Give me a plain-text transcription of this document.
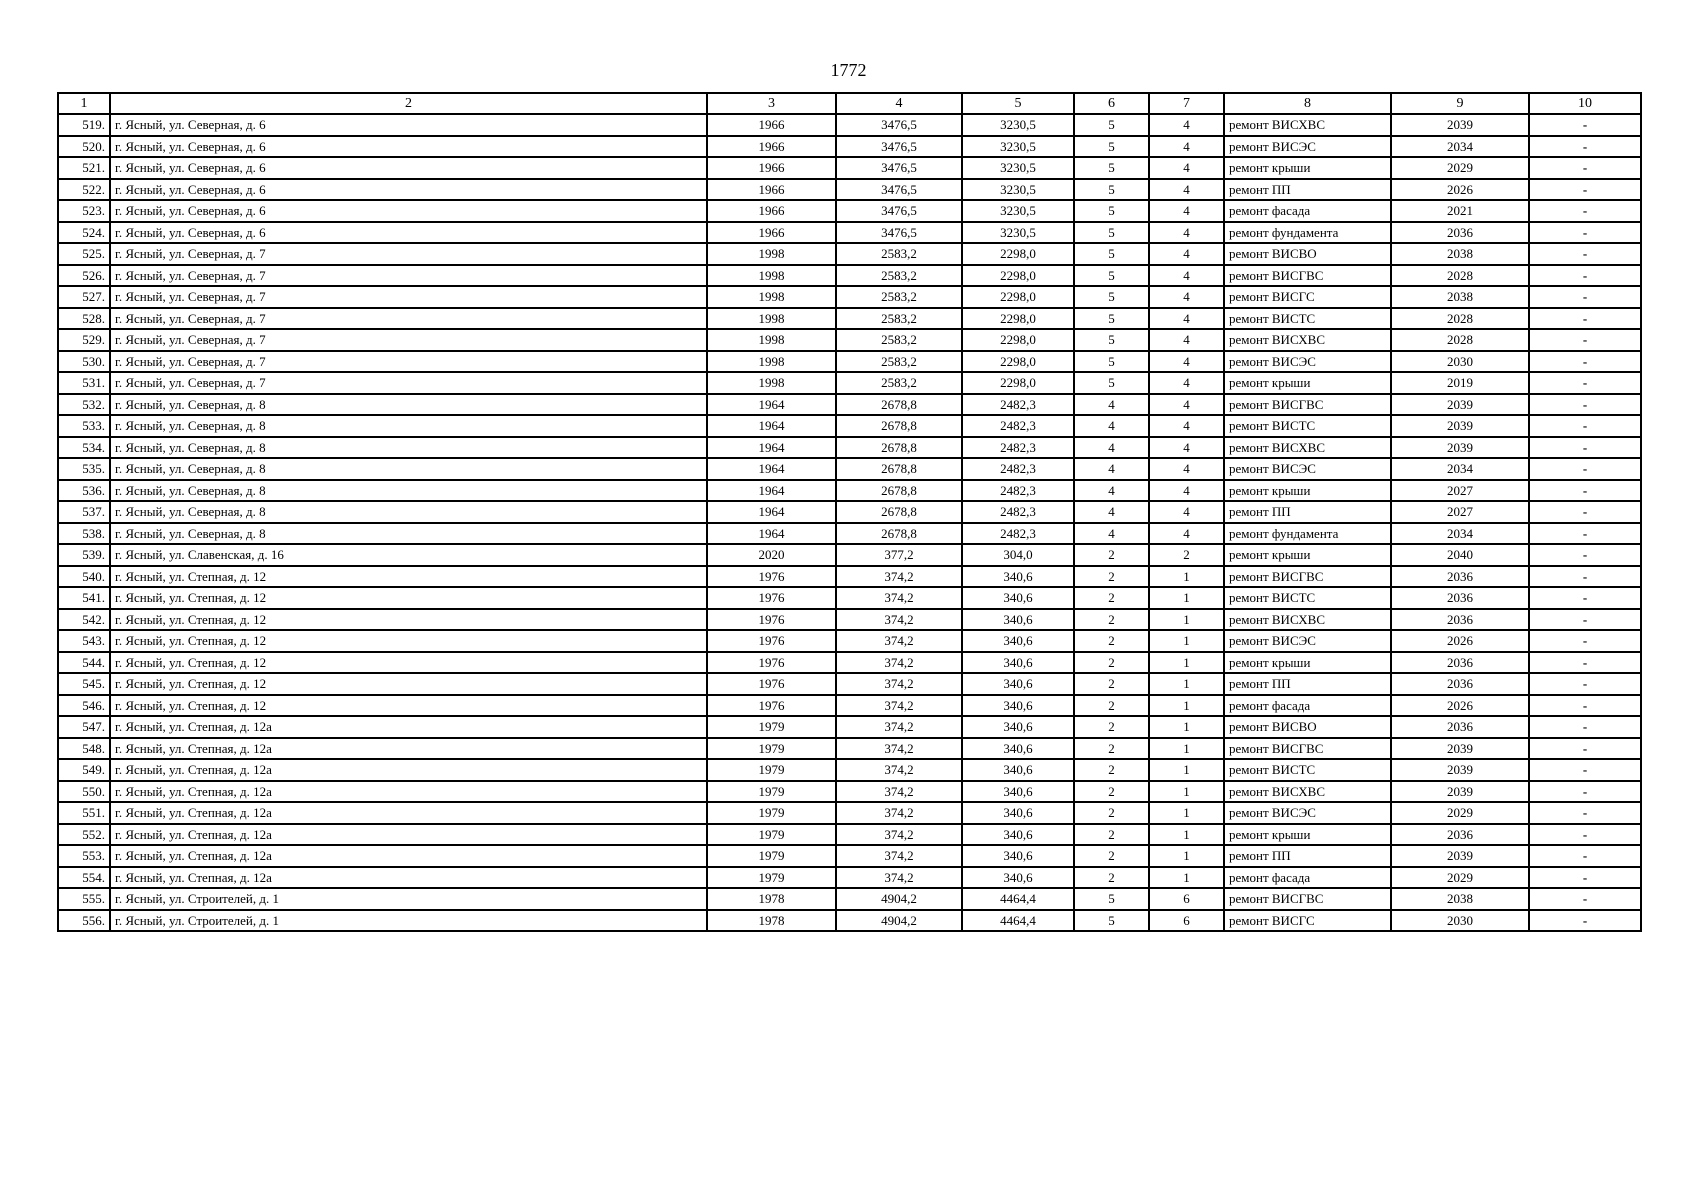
1772
1	2	3	4	5	6	7	8	9	10
519.	г. Ясный, ул. Северная, д. 6	1966	3476,5	3230,5	5	4	ремонт ВИСХВС	2039	-
520.	г. Ясный, ул. Северная, д. 6	1966	3476,5	3230,5	5	4	ремонт ВИСЭС	2034	-
521.	г. Ясный, ул. Северная, д. 6	1966	3476,5	3230,5	5	4	ремонт крыши	2029	-
522.	г. Ясный, ул. Северная, д. 6	1966	3476,5	3230,5	5	4	ремонт ПП	2026	-
523.	г. Ясный, ул. Северная, д. 6	1966	3476,5	3230,5	5	4	ремонт фасада	2021	-
524.	г. Ясный, ул. Северная, д. 6	1966	3476,5	3230,5	5	4	ремонт фундамента	2036	-
525.	г. Ясный, ул. Северная, д. 7	1998	2583,2	2298,0	5	4	ремонт ВИСВО	2038	-
526.	г. Ясный, ул. Северная, д. 7	1998	2583,2	2298,0	5	4	ремонт ВИСГВС	2028	-
527.	г. Ясный, ул. Северная, д. 7	1998	2583,2	2298,0	5	4	ремонт ВИСГС	2038	-
528.	г. Ясный, ул. Северная, д. 7	1998	2583,2	2298,0	5	4	ремонт ВИСТС	2028	-
529.	г. Ясный, ул. Северная, д. 7	1998	2583,2	2298,0	5	4	ремонт ВИСХВС	2028	-
530.	г. Ясный, ул. Северная, д. 7	1998	2583,2	2298,0	5	4	ремонт ВИСЭС	2030	-
531.	г. Ясный, ул. Северная, д. 7	1998	2583,2	2298,0	5	4	ремонт крыши	2019	-
532.	г. Ясный, ул. Северная, д. 8	1964	2678,8	2482,3	4	4	ремонт ВИСГВС	2039	-
533.	г. Ясный, ул. Северная, д. 8	1964	2678,8	2482,3	4	4	ремонт ВИСТС	2039	-
534.	г. Ясный, ул. Северная, д. 8	1964	2678,8	2482,3	4	4	ремонт ВИСХВС	2039	-
535.	г. Ясный, ул. Северная, д. 8	1964	2678,8	2482,3	4	4	ремонт ВИСЭС	2034	-
536.	г. Ясный, ул. Северная, д. 8	1964	2678,8	2482,3	4	4	ремонт крыши	2027	-
537.	г. Ясный, ул. Северная, д. 8	1964	2678,8	2482,3	4	4	ремонт ПП	2027	-
538.	г. Ясный, ул. Северная, д. 8	1964	2678,8	2482,3	4	4	ремонт фундамента	2034	-
539.	г. Ясный, ул. Славенская, д. 16	2020	377,2	304,0	2	2	ремонт крыши	2040	-
540.	г. Ясный, ул. Степная, д. 12	1976	374,2	340,6	2	1	ремонт ВИСГВС	2036	-
541.	г. Ясный, ул. Степная, д. 12	1976	374,2	340,6	2	1	ремонт ВИСТС	2036	-
542.	г. Ясный, ул. Степная, д. 12	1976	374,2	340,6	2	1	ремонт ВИСХВС	2036	-
543.	г. Ясный, ул. Степная, д. 12	1976	374,2	340,6	2	1	ремонт ВИСЭС	2026	-
544.	г. Ясный, ул. Степная, д. 12	1976	374,2	340,6	2	1	ремонт крыши	2036	-
545.	г. Ясный, ул. Степная, д. 12	1976	374,2	340,6	2	1	ремонт ПП	2036	-
546.	г. Ясный, ул. Степная, д. 12	1976	374,2	340,6	2	1	ремонт фасада	2026	-
547.	г. Ясный, ул. Степная, д. 12а	1979	374,2	340,6	2	1	ремонт ВИСВО	2036	-
548.	г. Ясный, ул. Степная, д. 12а	1979	374,2	340,6	2	1	ремонт ВИСГВС	2039	-
549.	г. Ясный, ул. Степная, д. 12а	1979	374,2	340,6	2	1	ремонт ВИСТС	2039	-
550.	г. Ясный, ул. Степная, д. 12а	1979	374,2	340,6	2	1	ремонт ВИСХВС	2039	-
551.	г. Ясный, ул. Степная, д. 12а	1979	374,2	340,6	2	1	ремонт ВИСЭС	2029	-
552.	г. Ясный, ул. Степная, д. 12а	1979	374,2	340,6	2	1	ремонт крыши	2036	-
553.	г. Ясный, ул. Степная, д. 12а	1979	374,2	340,6	2	1	ремонт ПП	2039	-
554.	г. Ясный, ул. Степная, д. 12а	1979	374,2	340,6	2	1	ремонт фасада	2029	-
555.	г. Ясный, ул. Строителей, д. 1	1978	4904,2	4464,4	5	6	ремонт ВИСГВС	2038	-
556.	г. Ясный, ул. Строителей, д. 1	1978	4904,2	4464,4	5	6	ремонт ВИСГС	2030	-
